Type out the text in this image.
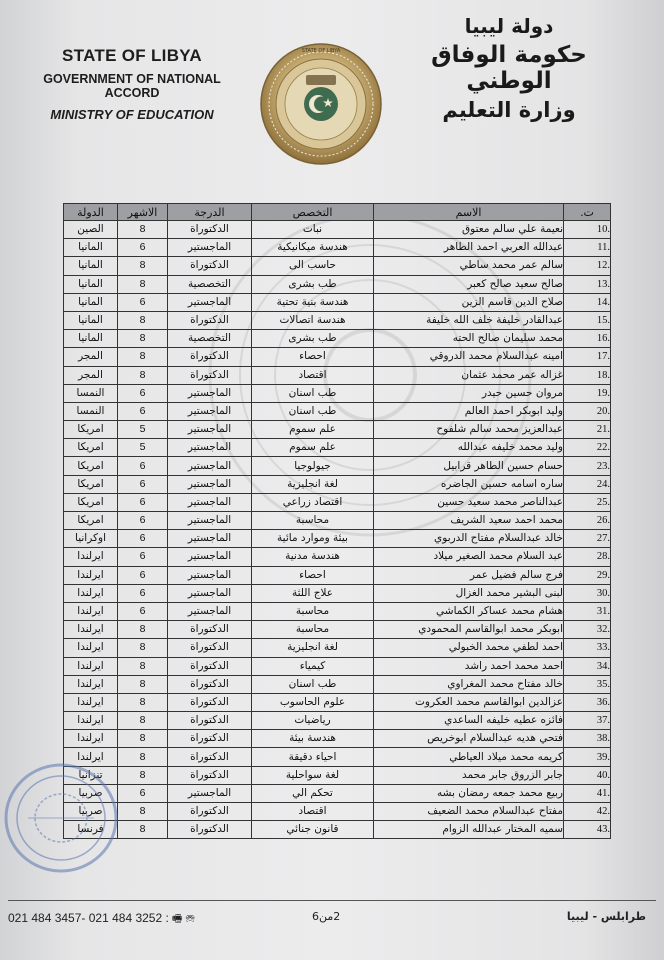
STATE OF LIBYA
GOVERNMENT OF NATIONAL ACCORD
MINISTRY OF EDUCATION
STATE OF LIBYA
دولة ليبيا
حكومة الوفاق الوطني
وزارة التعليم
ت.	الاسم	التخصص	الدرجة	الاشهر	الدولة
10.	نعيمة علي سالم معتوق	نبات	الدكتوراة	8	الصين
11.	عبدالله العربي احمد الطاهر	هندسة ميكانيكية	الماجستير	6	المانيا
12.	سالم عمر محمد ساطي	حاسب الى	الدكتوراة	8	المانيا
13.	صالح سعيد صالح كعبر	طب بشرى	التخصصية	8	المانيا
14.	صلاح الدين قاسم الزين	هندسة بنية تحتية	الماجستير	6	المانيا
15.	عبدالقادر خليفة خلف الله خليفة	هندسة اتصالات	الدكتوراة	8	المانيا
16.	محمد سليمان صالح الحته	طب بشرى	التخصصية	8	المانيا
17.	امينه عبدالسلام محمد الدروقي	احصاء	الدكتوراة	8	المجر
18.	غزاله عمر محمد عثمان	اقتصاد	الدكتوراة	8	المجر
19.	مروان حسين حيدر	طب اسنان	الماجستير	6	النمسا
20.	وليد ابوبكر احمد العالم	طب اسنان	الماجستير	6	النمسا
21.	عبدالعزيز محمد سالم شلفوح	علم سموم	الماجستير	5	امريكا
22.	وليد محمد خليفه عبدالله	علم سموم	الماجستير	5	امريكا
23.	حسام حسين الطاهر قرابيل	جيولوجيا	الماجستير	6	امريكا
24.	ساره اسامه حسين الجاضره	لغة انجليزية	الماجستير	6	امريكا
25.	عبدالناصر محمد سعيد حسين	اقتصاد زراعي	الماجستير	6	امريكا
26.	محمد احمد سعيد الشريف	محاسبة	الماجستير	6	امريكا
27.	خالد عبدالسلام مفتاح الدربوي	بيئة وموارد مائية	الماجستير	6	اوكرانيا
28.	عبد السلام محمد الصغير ميلاد	هندسة مدنية	الماجستير	6	ايرلندا
29.	فرج سالم فضيل عمر	احصاء	الماجستير	6	ايرلندا
30.	لبنى البشير محمد الغزال	علاج اللثة	الماجستير	6	ايرلندا
31.	هشام محمد عساكر الكماشي	محاسبة	الماجستير	6	ايرلندا
32.	ابوبكر محمد ابوالقاسم المحمودي	محاسبة	الدكتوراة	8	ايرلندا
33.	احمد لطفي محمد الخبولي	لغة انجليزية	الدكتوراة	8	ايرلندا
34.	احمد محمد احمد راشد	كيمياء	الدكتوراة	8	ايرلندا
35.	خالد مفتاح محمد المغراوي	طب اسنان	الدكتوراة	8	ايرلندا
36.	عزالدين ابوالقاسم محمد العكروت	علوم الحاسوب	الدكتوراة	8	ايرلندا
37.	فائزه عطيه خليفه الساعدي	رياضيات	الدكتوراة	8	ايرلندا
38.	فتحي هديه عبدالسلام ابوخريص	هندسة بيئة	الدكتوراة	8	ايرلندا
39.	كريمه محمد ميلاد العياطي	احياء دقيقة	الدكتوراة	8	ايرلندا
40.	جابر الزروق جابر محمد	لغة سواحلية	الدكتوراة	8	تنزانيا
41.	ربيع محمد جمعه رمضان بشه	تحكم الي	الماجستير	6	صربيا
42.	مفتاح عبدالسلام محمد الضعيف	اقتصاد	الدكتوراة	8	صربيا
43.	سميه المختار عبدالله الزوام	قانون جنائي	الدكتوراة	8	فرنسا
021 484 3457- 021 484 3252 : 🖷 ☏	2من6	طرابلس - ليبيا
